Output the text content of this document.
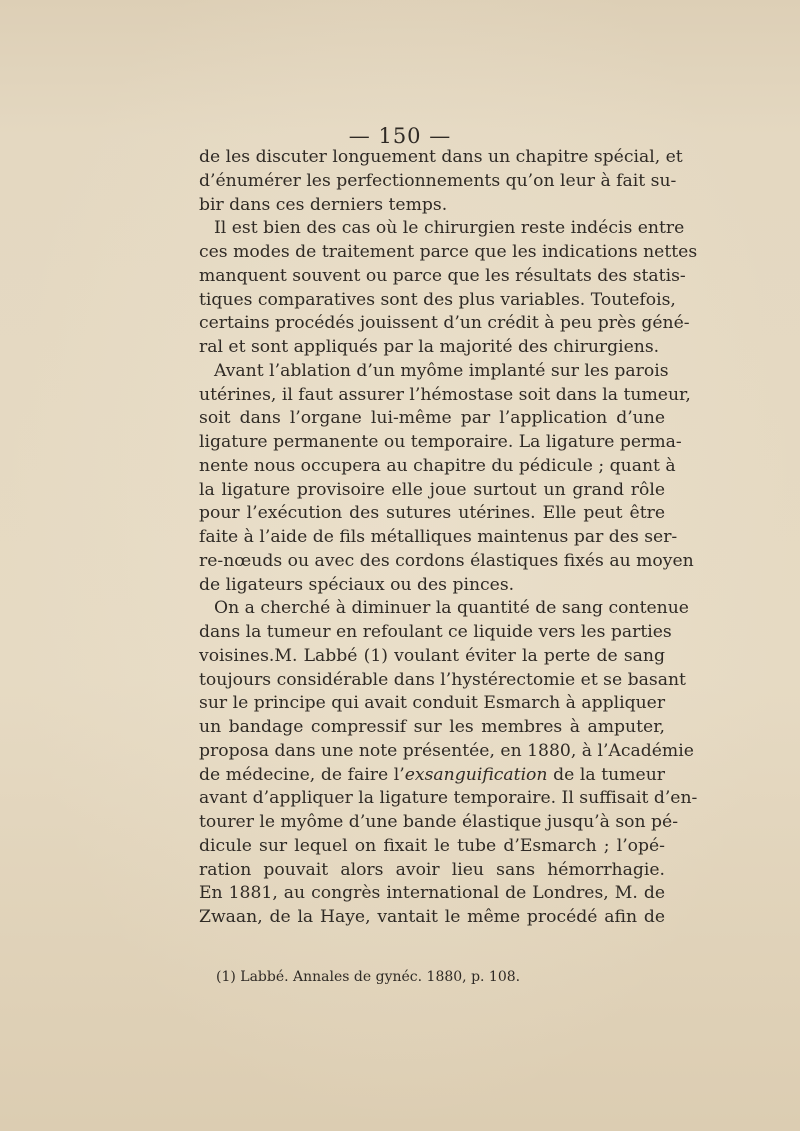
— 150 —
de les discuter longuement dans un chapitre spécial, et
d’énumérer les perfectionnements qu’on leur à fait su-
bir dans ces derniers temps.
Il est bien des cas où le chirurgien reste indécis entre
ces modes de traitement parce que les indications nettes
manquent souvent ou parce que les résultats des statis-
tiques comparatives sont des plus variables. Toutefois,
certains procédés jouissent d’un crédit à peu près géné-
ral et sont appliqués par la majorité des chirurgiens.
Avant l’ablation d’un myôme implanté sur les parois
utérines, il faut assurer l’hémostase soit dans la tumeur,
soit dans l’organe lui-même par l’application d’une
ligature permanente ou temporaire. La ligature perma-
nente nous occupera au chapitre du pédicule ; quant à
la ligature provisoire elle joue surtout un grand rôle
pour l’exécution des sutures utérines. Elle peut être
faite à l’aide de fils métalliques maintenus par des ser-
re-nœuds ou avec des cordons élastiques fixés au moyen
de ligateurs spéciaux ou des pinces.
On a cherché à diminuer la quantité de sang contenue
dans la tumeur en refoulant ce liquide vers les parties
voisines.M. Labbé (1) voulant éviter la perte de sang
toujours considérable dans l’hystérectomie et se basant
sur le principe qui avait conduit Esmarch à appliquer
un bandage compressif sur les membres à amputer,
proposa dans une note présentée, en 1880, à l’Académie
de médecine, de faire l’exsanguification de la tumeur
avant d’appliquer la ligature temporaire. Il suffisait d’en-
tourer le myôme d’une bande élastique jusqu’à son pé-
dicule sur lequel on fixait le tube d’Esmarch ; l’opé-
ration pouvait alors avoir lieu sans hémorrhagie.
En 1881, au congrès international de Londres, M. de
Zwaan, de la Haye, vantait le même procédé afin de
(1) Labbé. Annales de gynéc. 1880, p. 108.
